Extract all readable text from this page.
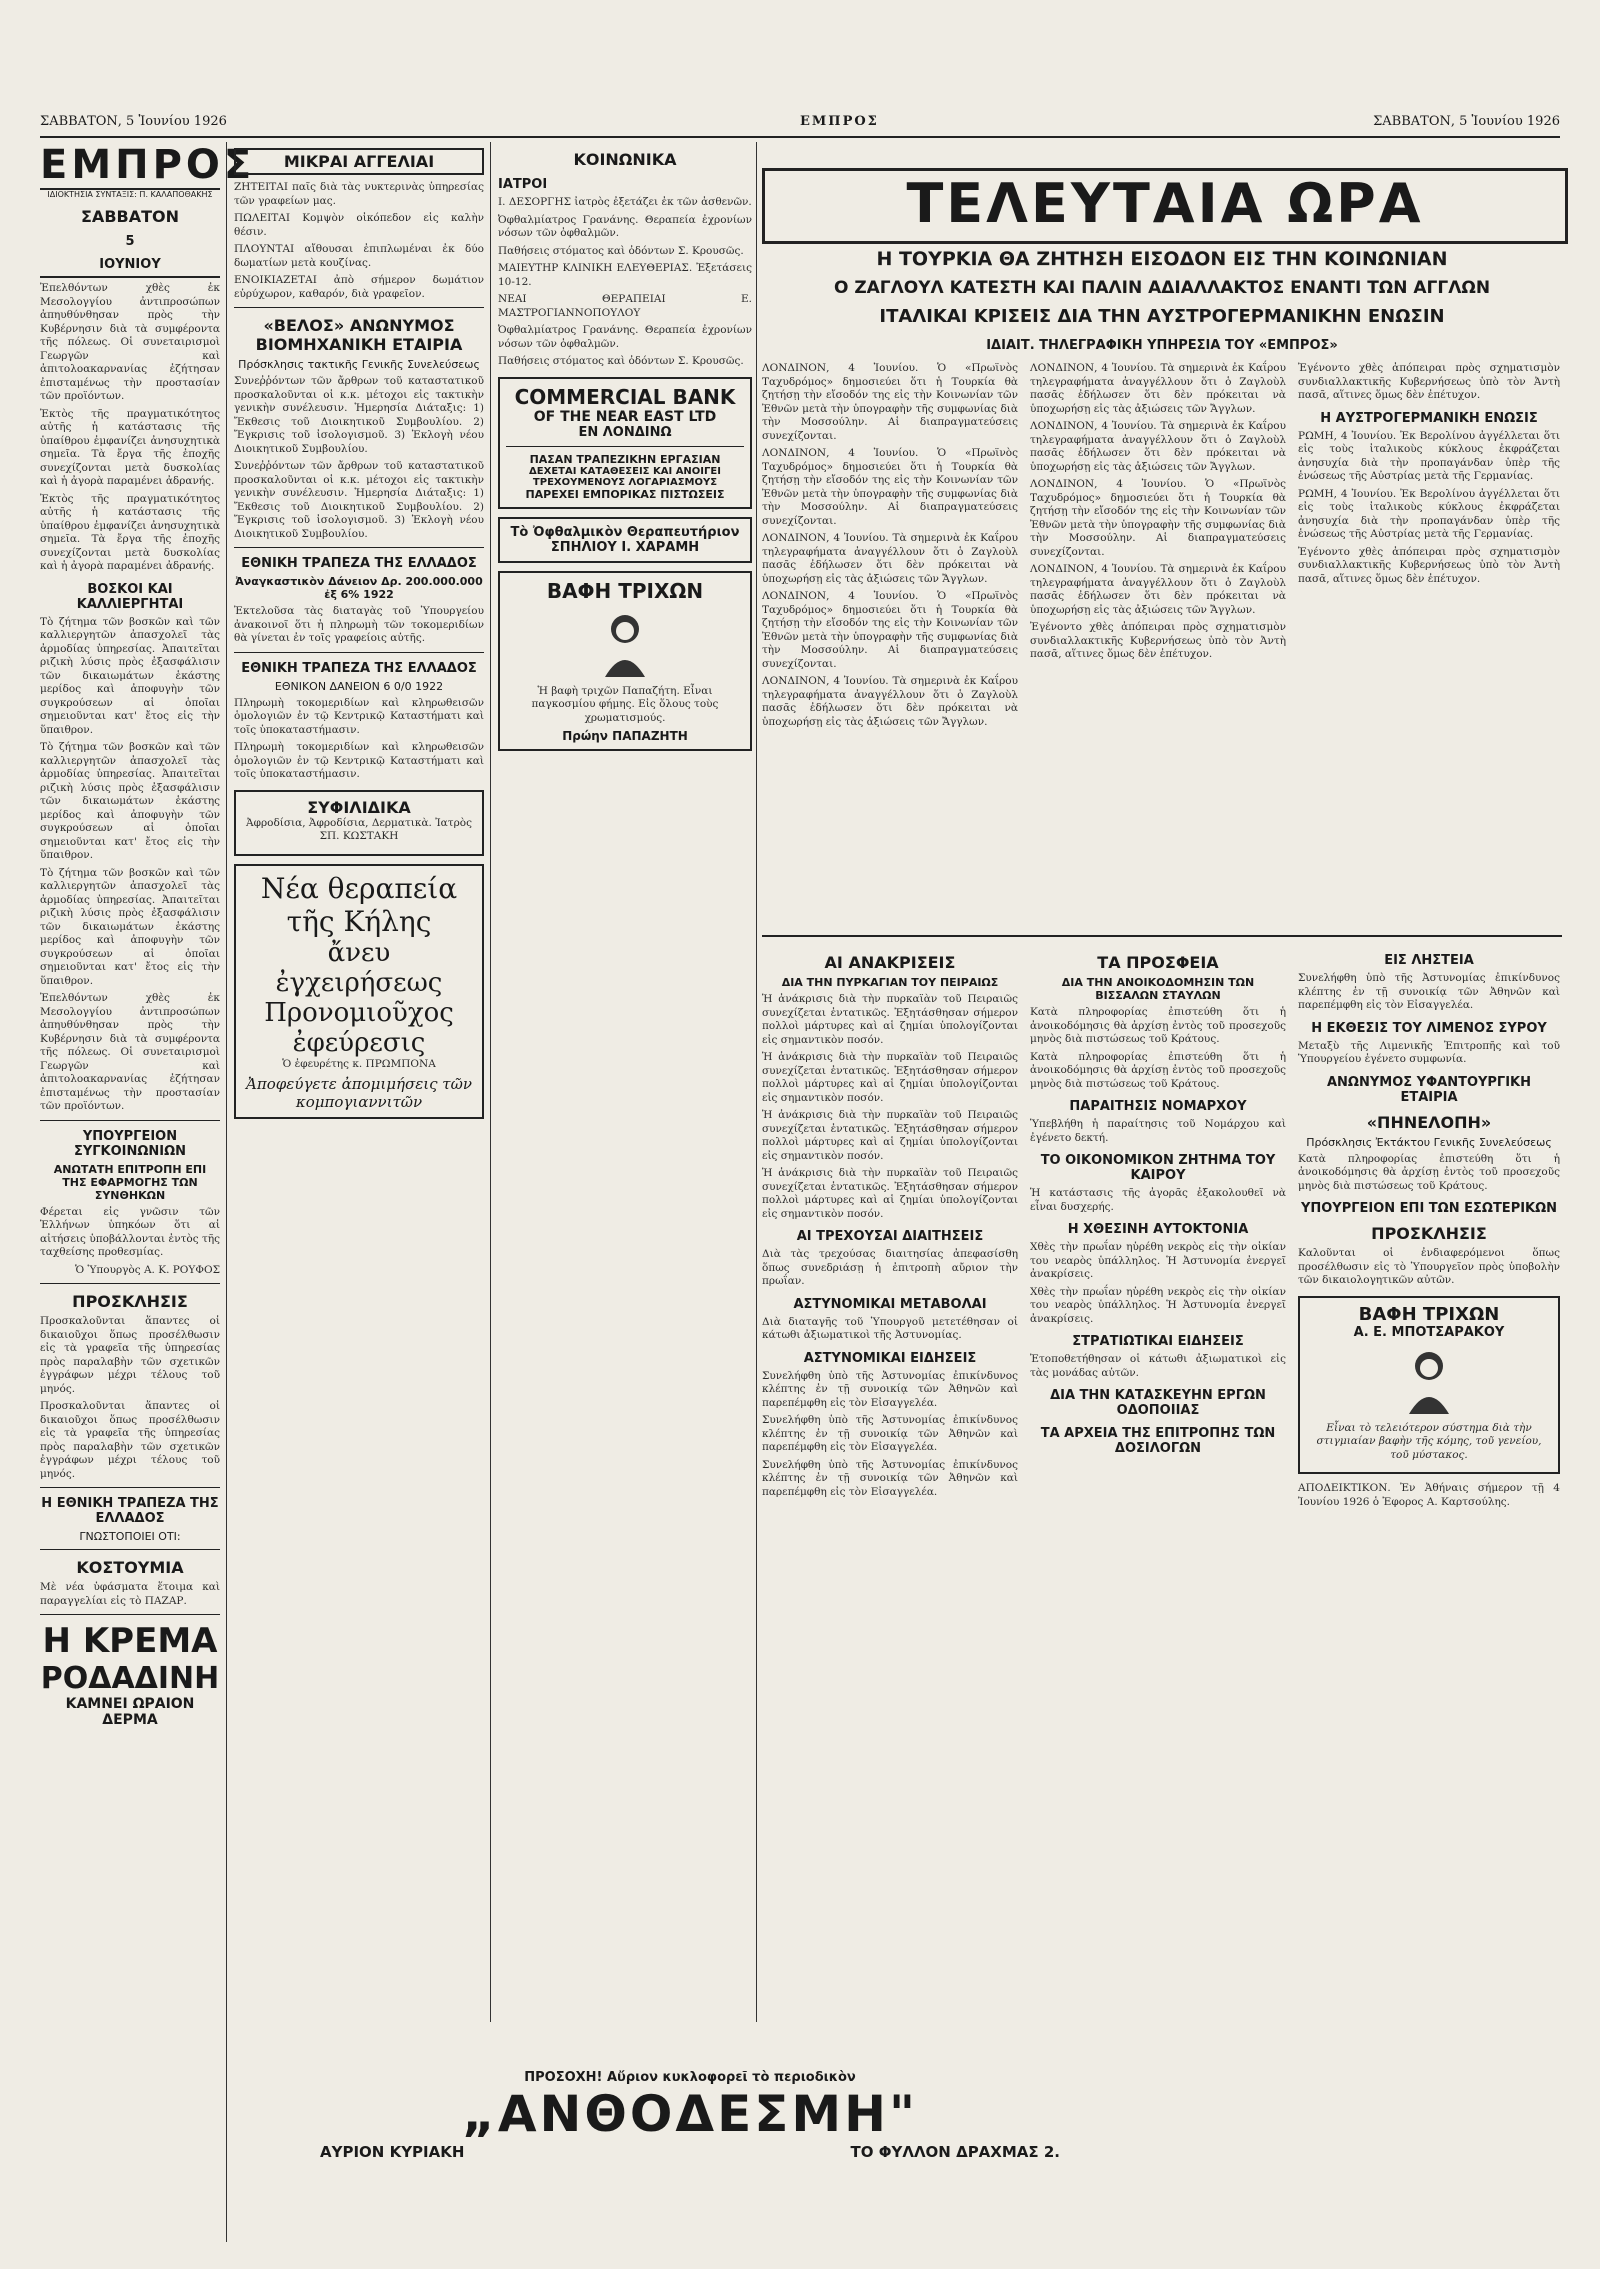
ΣΑΒΒΑΤΟΝ, 5 Ἰουνίου 1926	ΕΜΠΡΟΣ	ΣΑΒΒΑΤΟΝ, 5 Ἰουνίου 1926
ΕΜΠΡΟΣ
ΙΔΙΟΚΤΗΣΙΑ ΣΥΝΤΑΞΙΣ: Π. ΚΑΛΑΠΟΘΑΚΗΣ
ΣΑΒΒΑΤΟΝ
5
ΙΟΥΝΙΟΥ

Ἐπελθόντων χθὲς ἐκ Μεσολογγίου ἀντιπροσώπων ἀπηυθύνθησαν πρὸς τὴν Κυβέρνησιν διὰ τὰ συμφέροντα τῆς πόλεως. Οἱ συνεταιρισμοὶ Γεωργῶν καὶ ἀπιτολοακαρνανίας ἐζήτησαν ἐπισταμένως τὴν προστασίαν τῶν προϊόντων.

Ἐκτὸς τῆς πραγματικότητος αὐτῆς ἡ κατάστασις τῆς ὑπαίθρου ἐμφανίζει ἀνησυχητικὰ σημεῖα. Τὰ ἔργα τῆς ἐποχῆς συνεχίζονται μετὰ δυσκολίας καὶ ἡ ἀγορὰ παραμένει ἀδρανής.

Ἐκτὸς τῆς πραγματικότητος αὐτῆς ἡ κατάστασις τῆς ὑπαίθρου ἐμφανίζει ἀνησυχητικὰ σημεῖα. Τὰ ἔργα τῆς ἐποχῆς συνεχίζονται μετὰ δυσκολίας καὶ ἡ ἀγορὰ παραμένει ἀδρανής.

ΒΟΣΚΟΙ ΚΑΙ ΚΑΛΛΙΕΡΓΗΤΑΙ

Τὸ ζήτημα τῶν βοσκῶν καὶ τῶν καλλιεργητῶν ἀπασχολεῖ τὰς ἀρμοδίας ὑπηρεσίας. Ἀπαιτεῖται ριζικὴ λύσις πρὸς ἐξασφάλισιν τῶν δικαιωμάτων ἑκάστης μερίδος καὶ ἀποφυγὴν τῶν συγκρούσεων αἱ ὁποῖαι σημειοῦνται κατ' ἔτος εἰς τὴν ὕπαιθρον.

Τὸ ζήτημα τῶν βοσκῶν καὶ τῶν καλλιεργητῶν ἀπασχολεῖ τὰς ἀρμοδίας ὑπηρεσίας. Ἀπαιτεῖται ριζικὴ λύσις πρὸς ἐξασφάλισιν τῶν δικαιωμάτων ἑκάστης μερίδος καὶ ἀποφυγὴν τῶν συγκρούσεων αἱ ὁποῖαι σημειοῦνται κατ' ἔτος εἰς τὴν ὕπαιθρον.

Τὸ ζήτημα τῶν βοσκῶν καὶ τῶν καλλιεργητῶν ἀπασχολεῖ τὰς ἀρμοδίας ὑπηρεσίας. Ἀπαιτεῖται ριζικὴ λύσις πρὸς ἐξασφάλισιν τῶν δικαιωμάτων ἑκάστης μερίδος καὶ ἀποφυγὴν τῶν συγκρούσεων αἱ ὁποῖαι σημειοῦνται κατ' ἔτος εἰς τὴν ὕπαιθρον.

Ἐπελθόντων χθὲς ἐκ Μεσολογγίου ἀντιπροσώπων ἀπηυθύνθησαν πρὸς τὴν Κυβέρνησιν διὰ τὰ συμφέροντα τῆς πόλεως. Οἱ συνεταιρισμοὶ Γεωργῶν καὶ ἀπιτολοακαρνανίας ἐζήτησαν ἐπισταμένως τὴν προστασίαν τῶν προϊόντων.

ΥΠΟΥΡΓΕΙΟΝ ΣΥΓΚΟΙΝΩΝΙΩΝ
ΑΝΩΤΑΤΗ ΕΠΙΤΡΟΠΗ ΕΠΙ ΤΗΣ ΕΦΑΡΜΟΓΗΣ ΤΩΝ ΣΥΝΘΗΚΩΝ

Φέρεται εἰς γνῶσιν τῶν Ἑλλήνων ὑπηκόων ὅτι αἱ αἰτήσεις ὑποβάλλονται ἐντὸς τῆς ταχθείσης προθεσμίας.

Ὁ Ὑπουργὸς Α. Κ. ΡΟΥΦΟΣ

ΠΡΟΣΚΛΗΣΙΣ

Προσκαλοῦνται ἅπαντες οἱ δικαιοῦχοι ὅπως προσέλθωσιν εἰς τὰ γραφεῖα τῆς ὑπηρεσίας πρὸς παραλαβὴν τῶν σχετικῶν ἐγγράφων μέχρι τέλους τοῦ μηνός.

Προσκαλοῦνται ἅπαντες οἱ δικαιοῦχοι ὅπως προσέλθωσιν εἰς τὰ γραφεῖα τῆς ὑπηρεσίας πρὸς παραλαβὴν τῶν σχετικῶν ἐγγράφων μέχρι τέλους τοῦ μηνός.

Η ΕΘΝΙΚΗ ΤΡΑΠΕΖΑ ΤΗΣ ΕΛΛΑΔΟΣ
ΓΝΩΣΤΟΠΟΙΕΙ ΟΤΙ:
ΚΟΣΤΟΥΜΙΑ

Μὲ νέα ὑφάσματα ἕτοιμα καὶ παραγγελίαι εἰς τὸ ΠΑΖΑΡ.

Η ΚΡΕΜΑ
ΡΟΔΑΔΙΝΗ
ΚΑΜΝΕΙ ΩΡΑΙΟΝ ΔΕΡΜΑ
ΜΙΚΡΑΙ ΑΓΓΕΛΙΑΙ

ΖΗΤΕΙΤΑΙ παῖς διὰ τὰς νυκτερινὰς ὑπηρεσίας τῶν γραφείων μας.

ΠΩΛΕΙΤΑΙ Κομψὸν οἰκόπεδον εἰς καλὴν θέσιν.

ΠΛΟΥΝΤΑΙ αἴθουσαι ἐπιπλωμέναι ἐκ δύο δωματίων μετὰ κουζίνας.

ΕΝΟΙΚΙΑΖΕΤΑΙ ἀπὸ σήμερον δωμάτιον εὐρύχωρον, καθαρόν, διὰ γραφεῖον.

«ΒΕΛΟΣ» ΑΝΩΝΥΜΟΣ ΒΙΟΜΗΧΑΝΙΚΗ ΕΤΑΙΡΙΑ
Πρόσκλησις τακτικῆς Γενικῆς Συνελεύσεως

Συνεῤῥόντων τῶν ἄρθρων τοῦ καταστατικοῦ προσκαλοῦνται οἱ κ.κ. μέτοχοι εἰς τακτικὴν γενικὴν συνέλευσιν. Ἡμερησία Διάταξις: 1) Ἔκθεσις τοῦ Διοικητικοῦ Συμβουλίου. 2) Ἔγκρισις τοῦ ἰσολογισμοῦ. 3) Ἐκλογὴ νέου Διοικητικοῦ Συμβουλίου.

Συνεῤῥόντων τῶν ἄρθρων τοῦ καταστατικοῦ προσκαλοῦνται οἱ κ.κ. μέτοχοι εἰς τακτικὴν γενικὴν συνέλευσιν. Ἡμερησία Διάταξις: 1) Ἔκθεσις τοῦ Διοικητικοῦ Συμβουλίου. 2) Ἔγκρισις τοῦ ἰσολογισμοῦ. 3) Ἐκλογὴ νέου Διοικητικοῦ Συμβουλίου.

ΕΘΝΙΚΗ ΤΡΑΠΕΖΑ ΤΗΣ ΕΛΛΑΔΟΣ
Ἀναγκαστικὸν Δάνειον Δρ. 200.000.000 ἐξ 6% 1922

Ἐκτελοῦσα τὰς διαταγὰς τοῦ Ὑπουργείου ἀνακοινοῖ ὅτι ἡ πληρωμὴ τῶν τοκομεριδίων θὰ γίνεται ἐν τοῖς γραφείοις αὐτῆς.

ΕΘΝΙΚΗ ΤΡΑΠΕΖΑ ΤΗΣ ΕΛΛΑΔΟΣ
ΕΘΝΙΚΟΝ ΔΑΝΕΙΟΝ 6 0/0 1922

Πληρωμὴ τοκομεριδίων καὶ κληρωθεισῶν ὁμολογιῶν ἐν τῷ Κεντρικῷ Καταστήματι καὶ τοῖς ὑποκαταστήμασιν.

Πληρωμὴ τοκομεριδίων καὶ κληρωθεισῶν ὁμολογιῶν ἐν τῷ Κεντρικῷ Καταστήματι καὶ τοῖς ὑποκαταστήμασιν.

ΣΥΦΙΛΙΔΙΚΑ
Ἀφροδίσια, Ἀφροδίσια, Δερματικὰ. Ἰατρὸς ΣΠ. ΚΩΣΤΑΚΗ
Νέα θεραπεία τῆς Κήλης
ἄνευ ἐγχειρήσεως
Προνομιοῦχος ἐφεύρεσις

Ὁ ἐφευρέτης κ. ΠΡΩΜΠΟΝΑ

Ἀποφεύγετε ἀπομιμήσεις τῶν κομπογιαννιτῶν
ΚΟΙΝΩΝΙΚΑ
ΙΑΤΡΟΙ

Ι. ΔΕΣΟΡΓΗΣ ἰατρὸς ἐξετάζει ἐκ τῶν ἀσθενῶν.

Ὀφθαλμίατρος Γρανάνης. Θεραπεία ἐχρονίων νόσων τῶν ὀφθαλμῶν.

Παθήσεις στόματος καὶ ὀδόντων Σ. Κρουσῶς.

ΜΑΙΕΥΤΗΡ ΚΛΙΝΙΚΗ ΕΛΕΥΘΕΡΙΑΣ. Ἐξετάσεις 10-12.

ΝΕΑΙ ΘΕΡΑΠΕΙΑΙ Ε. ΜΑΣΤΡΟΓΙΑΝΝΟΠΟΥΛΟΥ

Ὀφθαλμίατρος Γρανάνης. Θεραπεία ἐχρονίων νόσων τῶν ὀφθαλμῶν.

Παθήσεις στόματος καὶ ὀδόντων Σ. Κρουσῶς.

COMMERCIAL BANK
OF THE NEAR EAST LTD
ΕΝ ΛΟΝΔΙΝΩ
ΠΑΣΑΝ ΤΡΑΠΕΖΙΚΗΝ ΕΡΓΑΣΙΑΝ
ΔΕΧΕΤΑΙ ΚΑΤΑΘΕΣΕΙΣ ΚΑΙ ΑΝΟΙΓΕΙ ΤΡΕΧΟΥΜΕΝΟΥΣ ΛΟΓΑΡΙΑΣΜΟΥΣ
ΠΑΡΕΧΕΙ ΕΜΠΟΡΙΚΑΣ ΠΙΣΤΩΣΕΙΣ
Τὸ Ὀφθαλμικὸν Θεραπευτήριον ΣΠΗΛΙΟΥ Ι. ΧΑΡΑΜΗ
ΒΑΦΗ ΤΡΙΧΩΝ

Ἡ βαφὴ τριχῶν Παπαζήτη. Εἶναι παγκοσμίου φήμης. Εἰς ὅλους τοὺς χρωματισμούς.

Πρώην ΠΑΠΑΖΗΤΗ
ΤΕΛΕΥΤΑΙΑ ΩΡΑ
Η ΤΟΥΡΚΙΑ ΘΑ ΖΗΤΗΣΗ ΕΙΣΟΔΟΝ ΕΙΣ ΤΗΝ ΚΟΙΝΩΝΙΑΝ
Ο ΖΑΓΛΟΥΛ ΚΑΤΕΣΤΗ ΚΑΙ ΠΑΛΙΝ ΑΔΙΑΛΛΑΚΤΟΣ ΕΝΑΝΤΙ ΤΩΝ ΑΓΓΛΩΝ
ΙΤΑΛΙΚΑΙ ΚΡΙΣΕΙΣ ΔΙΑ ΤΗΝ ΑΥΣΤΡΟΓΕΡΜΑΝΙΚΗΝ ΕΝΩΣΙΝ
ΙΔΙΑΙΤ. ΤΗΛΕΓΡΑΦΙΚΗ ΥΠΗΡΕΣΙΑ ΤΟΥ «ΕΜΠΡΟΣ»

ΛΟΝΔΙΝΟΝ, 4 Ἰουνίου. Ὁ «Πρωϊνὸς Ταχυδρόμος» δημοσιεύει ὅτι ἡ Τουρκία θὰ ζητήσῃ τὴν εἴσοδόν της εἰς τὴν Κοινωνίαν τῶν Ἐθνῶν μετὰ τὴν ὑπογραφὴν τῆς συμφωνίας διὰ τὴν Μοσσούλην. Αἱ διαπραγματεύσεις συνεχίζονται.

ΛΟΝΔΙΝΟΝ, 4 Ἰουνίου. Ὁ «Πρωϊνὸς Ταχυδρόμος» δημοσιεύει ὅτι ἡ Τουρκία θὰ ζητήσῃ τὴν εἴσοδόν της εἰς τὴν Κοινωνίαν τῶν Ἐθνῶν μετὰ τὴν ὑπογραφὴν τῆς συμφωνίας διὰ τὴν Μοσσούλην. Αἱ διαπραγματεύσεις συνεχίζονται.

ΛΟΝΔΙΝΟΝ, 4 Ἰουνίου. Τὰ σημερινὰ ἐκ Καΐρου τηλεγραφήματα ἀναγγέλλουν ὅτι ὁ Ζαγλοὺλ πασᾶς ἐδήλωσεν ὅτι δὲν πρόκειται νὰ ὑποχωρήσῃ εἰς τὰς ἀξιώσεις τῶν Ἄγγλων.

ΛΟΝΔΙΝΟΝ, 4 Ἰουνίου. Ὁ «Πρωϊνὸς Ταχυδρόμος» δημοσιεύει ὅτι ἡ Τουρκία θὰ ζητήσῃ τὴν εἴσοδόν της εἰς τὴν Κοινωνίαν τῶν Ἐθνῶν μετὰ τὴν ὑπογραφὴν τῆς συμφωνίας διὰ τὴν Μοσσούλην. Αἱ διαπραγματεύσεις συνεχίζονται.

ΛΟΝΔΙΝΟΝ, 4 Ἰουνίου. Τὰ σημερινὰ ἐκ Καΐρου τηλεγραφήματα ἀναγγέλλουν ὅτι ὁ Ζαγλοὺλ πασᾶς ἐδήλωσεν ὅτι δὲν πρόκειται νὰ ὑποχωρήσῃ εἰς τὰς ἀξιώσεις τῶν Ἄγγλων.

ΛΟΝΔΙΝΟΝ, 4 Ἰουνίου. Τὰ σημερινὰ ἐκ Καΐρου τηλεγραφήματα ἀναγγέλλουν ὅτι ὁ Ζαγλοὺλ πασᾶς ἐδήλωσεν ὅτι δὲν πρόκειται νὰ ὑποχωρήσῃ εἰς τὰς ἀξιώσεις τῶν Ἄγγλων.

ΛΟΝΔΙΝΟΝ, 4 Ἰουνίου. Τὰ σημερινὰ ἐκ Καΐρου τηλεγραφήματα ἀναγγέλλουν ὅτι ὁ Ζαγλοὺλ πασᾶς ἐδήλωσεν ὅτι δὲν πρόκειται νὰ ὑποχωρήσῃ εἰς τὰς ἀξιώσεις τῶν Ἄγγλων.

ΛΟΝΔΙΝΟΝ, 4 Ἰουνίου. Ὁ «Πρωϊνὸς Ταχυδρόμος» δημοσιεύει ὅτι ἡ Τουρκία θὰ ζητήσῃ τὴν εἴσοδόν της εἰς τὴν Κοινωνίαν τῶν Ἐθνῶν μετὰ τὴν ὑπογραφὴν τῆς συμφωνίας διὰ τὴν Μοσσούλην. Αἱ διαπραγματεύσεις συνεχίζονται.

ΛΟΝΔΙΝΟΝ, 4 Ἰουνίου. Τὰ σημερινὰ ἐκ Καΐρου τηλεγραφήματα ἀναγγέλλουν ὅτι ὁ Ζαγλοὺλ πασᾶς ἐδήλωσεν ὅτι δὲν πρόκειται νὰ ὑποχωρήσῃ εἰς τὰς ἀξιώσεις τῶν Ἄγγλων.

Ἐγένοντο χθὲς ἀπόπειραι πρὸς σχηματισμὸν συνδιαλλακτικῆς Κυβερνήσεως ὑπὸ τὸν Ἀντὴ πασᾶ, αἵτινες ὅμως δὲν ἐπέτυχον.

Ἐγένοντο χθὲς ἀπόπειραι πρὸς σχηματισμὸν συνδιαλλακτικῆς Κυβερνήσεως ὑπὸ τὸν Ἀντὴ πασᾶ, αἵτινες ὅμως δὲν ἐπέτυχον.

Η ΑΥΣΤΡΟΓΕΡΜΑΝΙΚΗ ΕΝΩΣΙΣ

ΡΩΜΗ, 4 Ἰουνίου. Ἐκ Βερολίνου ἀγγέλλεται ὅτι εἰς τοὺς ἰταλικοὺς κύκλους ἐκφράζεται ἀνησυχία διὰ τὴν προπαγάνδαν ὑπὲρ τῆς ἑνώσεως τῆς Αὐστρίας μετὰ τῆς Γερμανίας.

ΡΩΜΗ, 4 Ἰουνίου. Ἐκ Βερολίνου ἀγγέλλεται ὅτι εἰς τοὺς ἰταλικοὺς κύκλους ἐκφράζεται ἀνησυχία διὰ τὴν προπαγάνδαν ὑπὲρ τῆς ἑνώσεως τῆς Αὐστρίας μετὰ τῆς Γερμανίας.

Ἐγένοντο χθὲς ἀπόπειραι πρὸς σχηματισμὸν συνδιαλλακτικῆς Κυβερνήσεως ὑπὸ τὸν Ἀντὴ πασᾶ, αἵτινες ὅμως δὲν ἐπέτυχον.

ΑΙ ΑΝΑΚΡΙΣΕΙΣ
ΔΙΑ ΤΗΝ ΠΥΡΚΑΓΙΑΝ ΤΟΥ ΠΕΙΡΑΙΩΣ

Ἡ ἀνάκρισις διὰ τὴν πυρκαϊὰν τοῦ Πειραιῶς συνεχίζεται ἐντατικῶς. Ἐξητάσθησαν σήμερον πολλοὶ μάρτυρες καὶ αἱ ζημίαι ὑπολογίζονται εἰς σημαντικὸν ποσόν.

Ἡ ἀνάκρισις διὰ τὴν πυρκαϊὰν τοῦ Πειραιῶς συνεχίζεται ἐντατικῶς. Ἐξητάσθησαν σήμερον πολλοὶ μάρτυρες καὶ αἱ ζημίαι ὑπολογίζονται εἰς σημαντικὸν ποσόν.

Ἡ ἀνάκρισις διὰ τὴν πυρκαϊὰν τοῦ Πειραιῶς συνεχίζεται ἐντατικῶς. Ἐξητάσθησαν σήμερον πολλοὶ μάρτυρες καὶ αἱ ζημίαι ὑπολογίζονται εἰς σημαντικὸν ποσόν.

Ἡ ἀνάκρισις διὰ τὴν πυρκαϊὰν τοῦ Πειραιῶς συνεχίζεται ἐντατικῶς. Ἐξητάσθησαν σήμερον πολλοὶ μάρτυρες καὶ αἱ ζημίαι ὑπολογίζονται εἰς σημαντικὸν ποσόν.

ΑΙ ΤΡΕΧΟΥΣΑΙ ΔΙΑΙΤΗΣΕΙΣ

Διὰ τὰς τρεχούσας διαιτησίας ἀπεφασίσθη ὅπως συνεδριάσῃ ἡ ἐπιτροπὴ αὔριον τὴν πρωΐαν.

ΑΣΤΥΝΟΜΙΚΑΙ ΜΕΤΑΒΟΛΑΙ

Διὰ διαταγῆς τοῦ Ὑπουργοῦ μετετέθησαν οἱ κάτωθι ἀξιωματικοὶ τῆς Ἀστυνομίας.

ΑΣΤΥΝΟΜΙΚΑΙ ΕΙΔΗΣΕΙΣ

Συνελήφθη ὑπὸ τῆς Ἀστυνομίας ἐπικίνδυνος κλέπτης ἐν τῇ συνοικίᾳ τῶν Ἀθηνῶν καὶ παρεπέμφθη εἰς τὸν Εἰσαγγελέα.

Συνελήφθη ὑπὸ τῆς Ἀστυνομίας ἐπικίνδυνος κλέπτης ἐν τῇ συνοικίᾳ τῶν Ἀθηνῶν καὶ παρεπέμφθη εἰς τὸν Εἰσαγγελέα.

Συνελήφθη ὑπὸ τῆς Ἀστυνομίας ἐπικίνδυνος κλέπτης ἐν τῇ συνοικίᾳ τῶν Ἀθηνῶν καὶ παρεπέμφθη εἰς τὸν Εἰσαγγελέα.

ΤΑ ΠΡΟΣΦΕΙΑ
ΔΙΑ ΤΗΝ ΑΝΟΙΚΟΔΟΜΗΣΙΝ ΤΩΝ ΒΙΣΣΑΛΩΝ ΣΤΑΥΛΩΝ

Κατὰ πληροφορίας ἐπιστεύθη ὅτι ἡ ἀνοικοδόμησις θὰ ἀρχίσῃ ἐντὸς τοῦ προσεχοῦς μηνὸς διὰ πιστώσεως τοῦ Κράτους.

Κατὰ πληροφορίας ἐπιστεύθη ὅτι ἡ ἀνοικοδόμησις θὰ ἀρχίσῃ ἐντὸς τοῦ προσεχοῦς μηνὸς διὰ πιστώσεως τοῦ Κράτους.

ΠΑΡΑΙΤΗΣΙΣ ΝΟΜΑΡΧΟΥ

Ὑπεβλήθη ἡ παραίτησις τοῦ Νομάρχου καὶ ἐγένετο δεκτή.

ΤΟ ΟΙΚΟΝΟΜΙΚΟΝ ΖΗΤΗΜΑ ΤΟΥ ΚΑΙΡΟΥ

Ἡ κατάστασις τῆς ἀγορᾶς ἐξακολουθεῖ νὰ εἶναι δυσχερής.

Η ΧΘΕΣΙΝΗ ΑΥΤΟΚΤΟΝΙΑ

Χθὲς τὴν πρωΐαν ηὑρέθη νεκρὸς εἰς τὴν οἰκίαν του νεαρὸς ὑπάλληλος. Ἡ Ἀστυνομία ἐνεργεῖ ἀνακρίσεις.

Χθὲς τὴν πρωΐαν ηὑρέθη νεκρὸς εἰς τὴν οἰκίαν του νεαρὸς ὑπάλληλος. Ἡ Ἀστυνομία ἐνεργεῖ ἀνακρίσεις.

ΣΤΡΑΤΙΩΤΙΚΑΙ ΕΙΔΗΣΕΙΣ

Ἐτοποθετήθησαν οἱ κάτωθι ἀξιωματικοὶ εἰς τὰς μονάδας αὐτῶν.

ΔΙΑ ΤΗΝ ΚΑΤΑΣΚΕΥΗΝ ΕΡΓΩΝ ΟΔΟΠΟΙΙΑΣ
ΤΑ ΑΡΧΕΙΑ ΤΗΣ ΕΠΙΤΡΟΠΗΣ ΤΩΝ ΔΟΣΙΛΟΓΩΝ
ΕΙΣ ΛΗΣΤΕΙΑ

Συνελήφθη ὑπὸ τῆς Ἀστυνομίας ἐπικίνδυνος κλέπτης ἐν τῇ συνοικίᾳ τῶν Ἀθηνῶν καὶ παρεπέμφθη εἰς τὸν Εἰσαγγελέα.

Η ΕΚΘΕΣΙΣ ΤΟΥ ΛΙΜΕΝΟΣ ΣΥΡΟΥ

Μεταξὺ τῆς Λιμενικῆς Ἐπιτροπῆς καὶ τοῦ Ὑπουργείου ἐγένετο συμφωνία.

ΑΝΩΝΥΜΟΣ ΥΦΑΝΤΟΥΡΓΙΚΗ ΕΤΑΙΡΙΑ
«ΠΗΝΕΛΟΠΗ»
Πρόσκλησις Ἐκτάκτου Γενικῆς Συνελεύσεως

Κατὰ πληροφορίας ἐπιστεύθη ὅτι ἡ ἀνοικοδόμησις θὰ ἀρχίσῃ ἐντὸς τοῦ προσεχοῦς μηνὸς διὰ πιστώσεως τοῦ Κράτους.

ΥΠΟΥΡΓΕΙΟΝ ΕΠΙ ΤΩΝ ΕΣΩΤΕΡΙΚΩΝ
ΠΡΟΣΚΛΗΣΙΣ

Καλοῦνται οἱ ἐνδιαφερόμενοι ὅπως προσέλθωσιν εἰς τὸ Ὑπουργεῖον πρὸς ὑποβολὴν τῶν δικαιολογητικῶν αὐτῶν.

ΒΑΦΗ ΤΡΙΧΩΝ
Α. Ε. ΜΠΟΤΣΑΡΑΚΟΥ

Εἶναι τὸ τελειότερον σύστημα διὰ τὴν στιγμιαίαν βαφὴν τῆς κόμης, τοῦ γενείου, τοῦ μύστακος.

ΑΠΟΔΕΙΚΤΙΚΟΝ. Ἐν Ἀθήναις σήμερον τῇ 4 Ἰουνίου 1926 ὁ Ἐφορος Α. Καρτσούλης.

ΠΡΟΣΟΧΗ! Αὔριον κυκλοφορεῖ τὸ περιοδικὸν
„ΑΝΘΟΔΕΣΜΗ"
ΑΥΡΙΟΝ ΚΥΡΙΑΚΗ	ΤΟ ΦΥΛΛΟΝ ΔΡΑΧΜΑΣ 2.
